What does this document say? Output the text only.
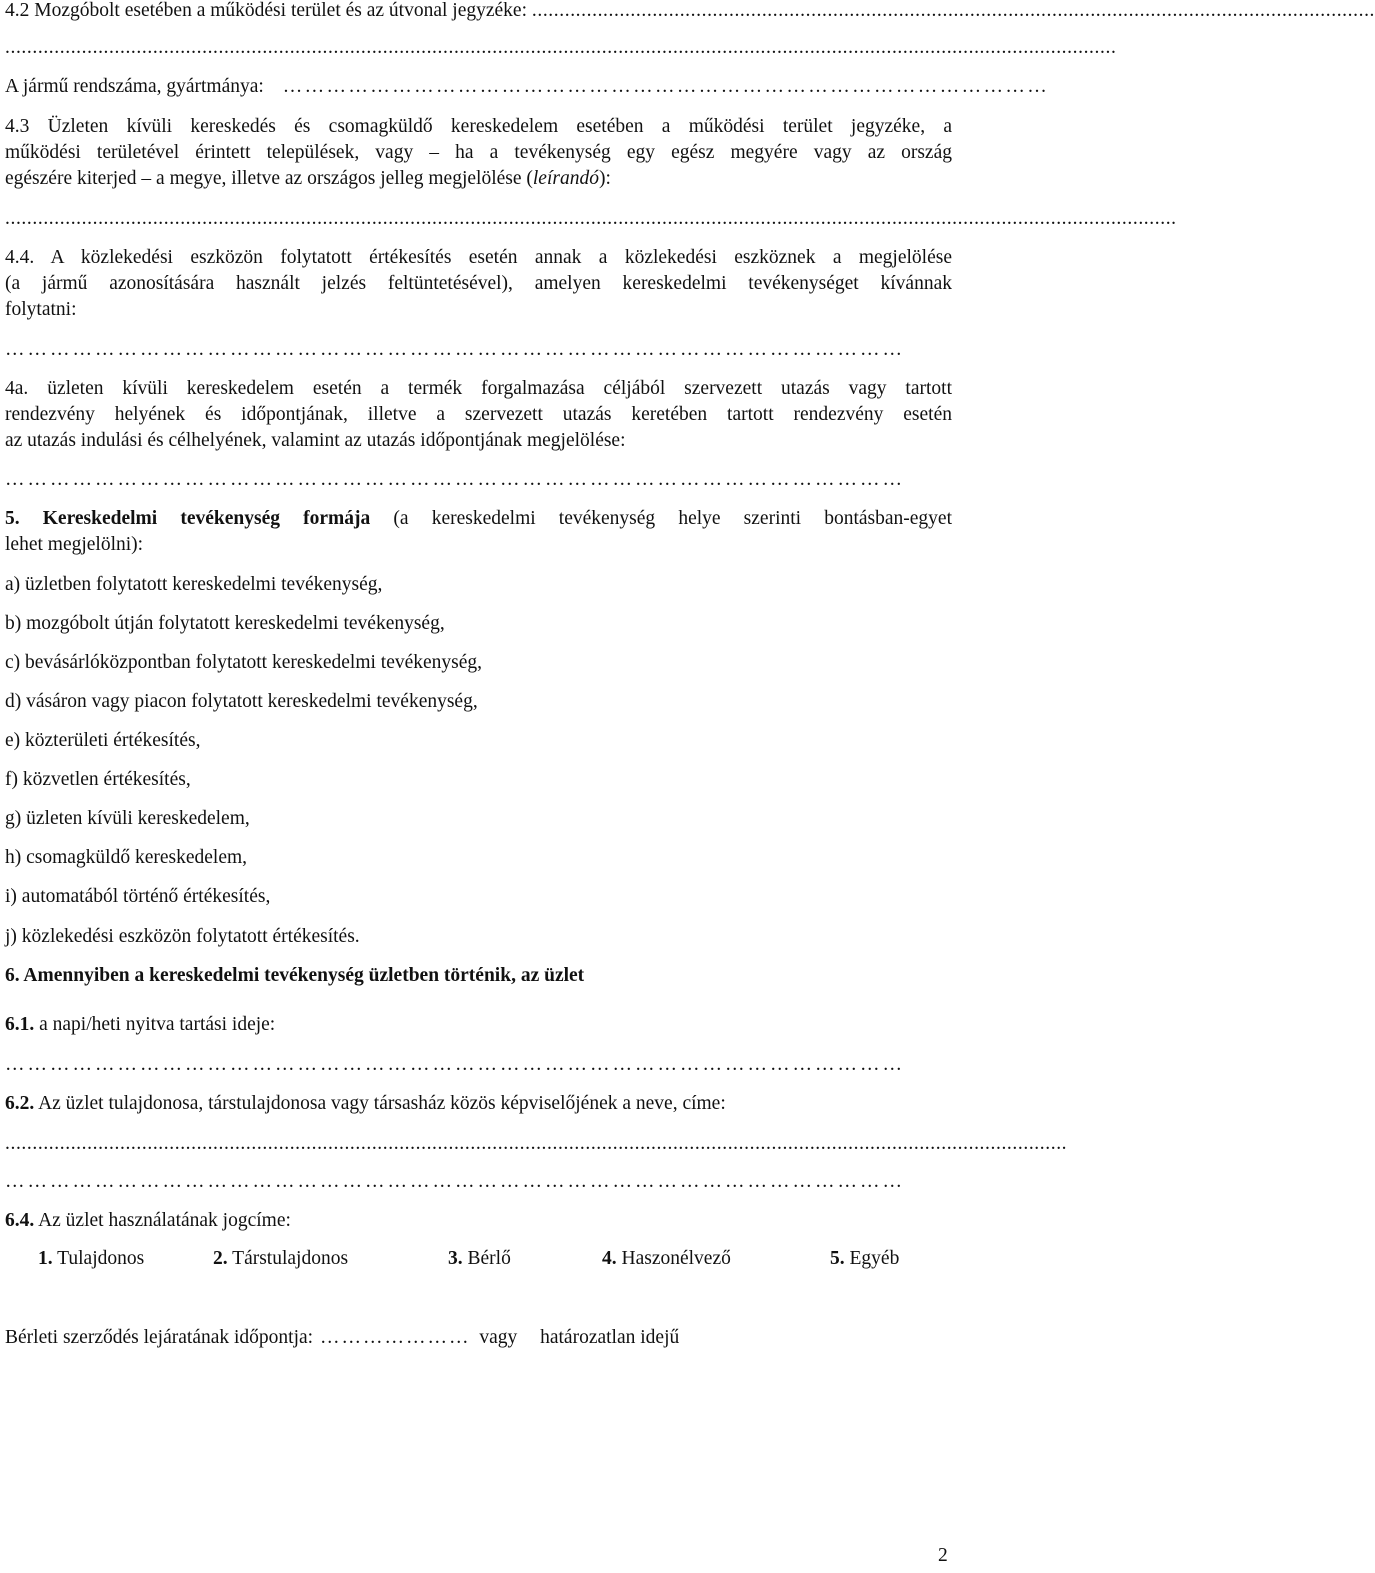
4.2 Mozgóbolt esetében a működési terület és az útvonal jegyzéke: ..........................................................................................................................................................
...........................................................................................................................................................................................................
A jármű rendszáma, gyártmánya: ……………………………………………………………………………………………
4.3 Üzleten kívüli kereskedés és csomagküldő kereskedelem esetében a működési terület jegyzéke, a
működési területével érintett települések, vagy – ha a tevékenység egy egész megyére vagy az ország
egészére kiterjed – a megye, illetve az országos jelleg megjelölése (leírandó):
......................................................................................................................................................................................................................
4.4. A közlekedési eszközön folytatott értékesítés esetén annak a közlekedési eszköznek a megjelölése
(a jármű azonosítására használt jelzés feltüntetésével), amelyen kereskedelmi tevékenységet kívánnak
folytatni:
…………………………………………………………………………………………………………
4a. üzleten kívüli kereskedelem esetén a termék forgalmazása céljából szervezett utazás vagy tartott
rendezvény helyének és időpontjának, illetve a szervezett utazás keretében tartott rendezvény esetén
az utazás indulási és célhelyének, valamint az utazás időpontjának megjelölése:
…………………………………………………………………………………………………………
5. Kereskedelmi tevékenység formája (a kereskedelmi tevékenység helye szerinti bontásban-egyet
lehet megjelölni):
a) üzletben folytatott kereskedelmi tevékenység,
b) mozgóbolt útján folytatott kereskedelmi tevékenység,
c) bevásárlóközpontban folytatott kereskedelmi tevékenység,
d) vásáron vagy piacon folytatott kereskedelmi tevékenység,
e) közterületi értékesítés,
f) közvetlen értékesítés,
g) üzleten kívüli kereskedelem,
h) csomagküldő kereskedelem,
i) automatából történő értékesítés,
j) közlekedési eszközön folytatott értékesítés.
6. Amennyiben a kereskedelmi tevékenység üzletben történik, az üzlet
6.1. a napi/heti nyitva tartási ideje:
…………………………………………………………………………………………………………
6.2. Az üzlet tulajdonosa, társtulajdonosa vagy társasház közös képviselőjének a neve, címe:
..................................................................................................................................................................................................
…………………………………………………………………………………………………………
6.4. Az üzlet használatának jogcíme:
1. Tulajdonos	2. Társtulajdonos	3. Bérlő	4. Haszonélvező	5. Egyéb
Bérleti szerződés lejáratának időpontja: ………………… vagy határozatlan idejű
2
